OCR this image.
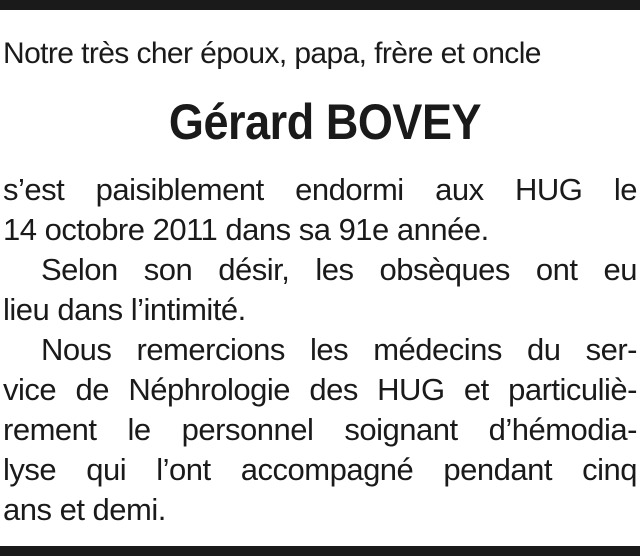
Notre très cher époux, papa, frère et oncle
Gérard BOVEY

s’est paisiblement endormi aux HUG le
14 octobre 2011 dans sa 91e année.

Selon son désir, les obsèques ont eu
lieu dans l’intimité.

Nous remercions les médecins du ser-
vice de Néphrologie des HUG et particuliè-
rement le personnel soignant d’hémodia-
lyse qui l’ont accompagné pendant cinq
ans et demi.
